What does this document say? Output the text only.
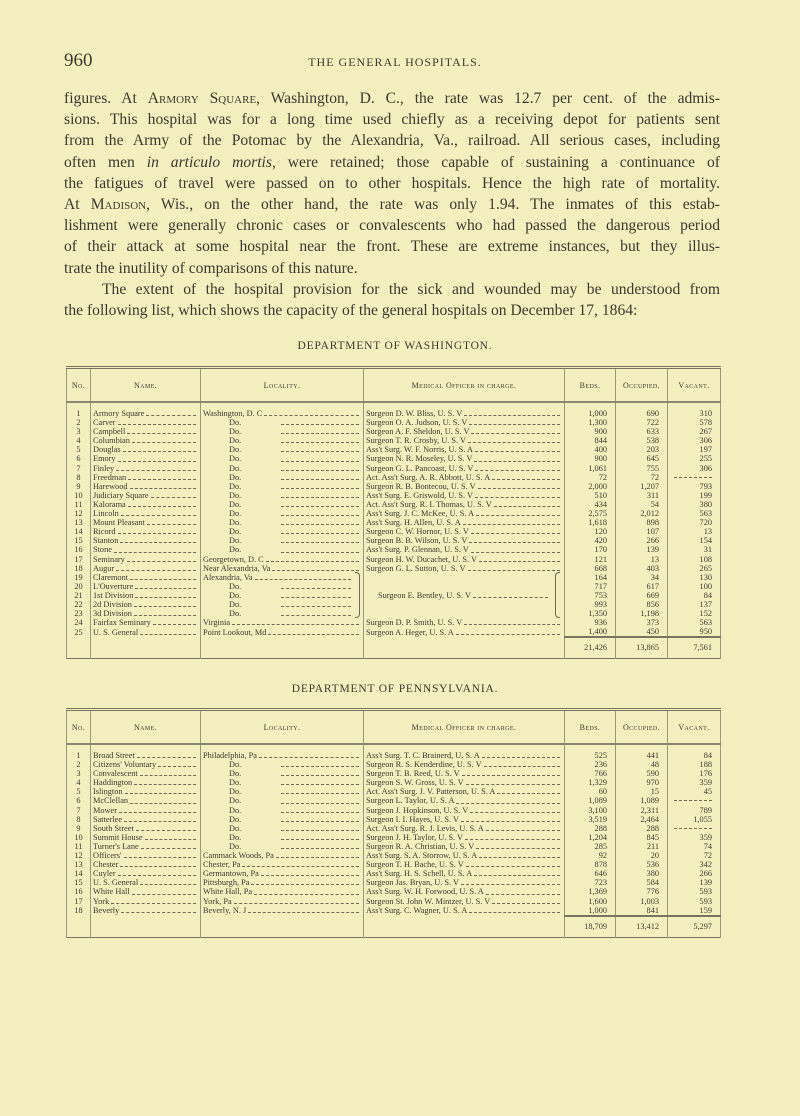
960	THE GENERAL HOSPITALS.
figures. At Armory Square, Washington, D. C., the rate was 12.7 per cent. of the admis-
sions. This hospital was for a long time used chiefly as a receiving depot for patients sent
from the Army of the Potomac by the Alexandria, Va., railroad. All serious cases, including
often men in articulo mortis, were retained; those capable of sustaining a continuance of
the fatigues of travel were passed on to other hospitals. Hence the high rate of mortality.
At Madison, Wis., on the other hand, the rate was only 1.94. The inmates of this estab-
lishment were generally chronic cases or convalescents who had passed the dangerous period
of their attack at some hospital near the front. These are extreme instances, but they illus-
trate the inutility of comparisons of this nature.
The extent of the hospital provision for the sick and wounded may be understood from
the following list, which shows the capacity of the general hospitals on December 17, 1864:
DEPARTMENT OF WASHINGTON.
No.	Name.	Locality.	Medical Officer in charge.	Beds.	Occupied.	Vacant.

1	Armory Square	Washington, D. C	Surgeon D. W. Bliss, U. S. V	1,000	690	310
2	Carver	Do.	Surgeon O. A. Judson, U. S. V	1,300	722	578
3	Campbell	Do.	Surgeon A. F. Sheldon, U. S. V	900	633	267
4	Columbian	Do.	Surgeon T. R. Crosby, U. S. V	844	538	306
5	Douglas	Do.	Ass't Surg. W. F. Norris, U. S. A	400	203	197
6	Emory	Do.	Surgeon N. R. Moseley, U. S. V	900	645	255
7	Finley	Do.	Surgeon G. L. Pancoast, U. S. V	1,061	755	306
8	Freedman	Do.	Act. Ass't Surg. A. R. Abbott, U. S. A	72	72	
9	Harewood	Do.	Surgeon R. B. Bontecou, U. S. V	2,000	1,207	793
10	Judiciary Square	Do.	Ass't Surg. E. Griswold, U. S. V	510	311	199
11	Kalorama	Do.	Act. Ass't Surg. R. I. Thomas, U. S. V	434	54	380
12	Lincoln	Do.	Ass't Surg. J. C. McKee, U. S. A	2,575	2,012	563
13	Mount Pleasant	Do.	Ass't Surg. H. Allen, U. S. A	1,618	898	720
14	Ricord	Do.	Surgeon C. W. Hornor, U. S. V	120	107	13
15	Stanton	Do.	Surgeon B. B. Wilson, U. S. V	420	266	154
16	Stone	Do.	Ass't Surg. P. Glennan, U. S. V	170	139	31
17	Seminary	Georgetown, D. C	Surgeon H. W. Ducachet, U. S. V	121	13	108
18	Augur	Near Alexandria, Va	Surgeon G. L. Sutton, U. S. V	668	403	265
19	Claremont	Alexandria, Va		164	34	130
20	L'Ouverture	Do.		717	617	100
21	1st Division	Do.	Surgeon E. Bentley, U. S. V	753	669	84
22	2d Division	Do.		993	856	137
23	3d Division	Do.		1,350	1,198	152
24	Fairfax Seminary	Virginia	Surgeon D. P. Smith, U. S. V	936	373	563
25	U. S. General	Point Lookout, Md	Surgeon A. Heger, U. S. A	1,400	450	950
				21,426	13,865	7,561
DEPARTMENT OF PENNSYLVANIA.
No.	Name.	Locality.	Medical Officer in charge.	Beds.	Occupied.	Vacant.

1	Broad Street	Philadelphia, Pa	Ass't Surg. T. C. Brainerd, U. S. A	525	441	84
2	Citizens' Voluntary	Do.	Surgeon R. S. Kenderdine, U. S. V	236	48	188
3	Convalescent	Do.	Surgeon T. B. Reed, U. S. V	766	590	176
4	Haddington	Do.	Surgeon S. W. Gross, U. S. V	1,329	970	359
5	Islington	Do.	Act. Ass't Surg. J. V. Patterson, U. S. A	60	15	45
6	McClellan	Do.	Surgeon L. Taylor, U. S. A	1,089	1,089	
7	Mower	Do.	Surgeon J. Hopkinson, U. S. V	3,100	2,311	789
8	Satterlee	Do.	Surgeon I. I. Hayes, U. S. V	3,519	2,464	1,055
9	South Street	Do.	Act. Ass't Surg. R. J. Levis, U. S. A	288	288	
10	Summit House	Do.	Surgeon J. H. Taylor, U. S. V	1,204	845	359
11	Turner's Lane	Do.	Surgeon R. A. Christian, U. S. V	285	211	74
12	Officers'	Cammack Woods, Pa	Ass't Surg. S. A. Storrow, U. S. A	92	20	72
13	Chester	Chester, Pa	Surgeon T. H. Bache, U. S. V	878	536	342
14	Cuyler	Germantown, Pa	Ass't Surg. H. S. Schell, U. S. A	646	380	266
15	U. S. General	Pittsburgh, Pa	Surgeon Jas. Bryan, U. S. V	723	584	139
16	White Hall	White Hall, Pa	Ass't Surg. W. H. Forwood, U. S. A	1,369	776	593
17	York	York, Pa	Surgeon St. John W. Mintzer, U. S. V	1,600	1,003	593
18	Beverly	Beverly, N. J	Ass't Surg. C. Wagner, U. S. A	1,000	841	159
				18,709	13,412	5,297
